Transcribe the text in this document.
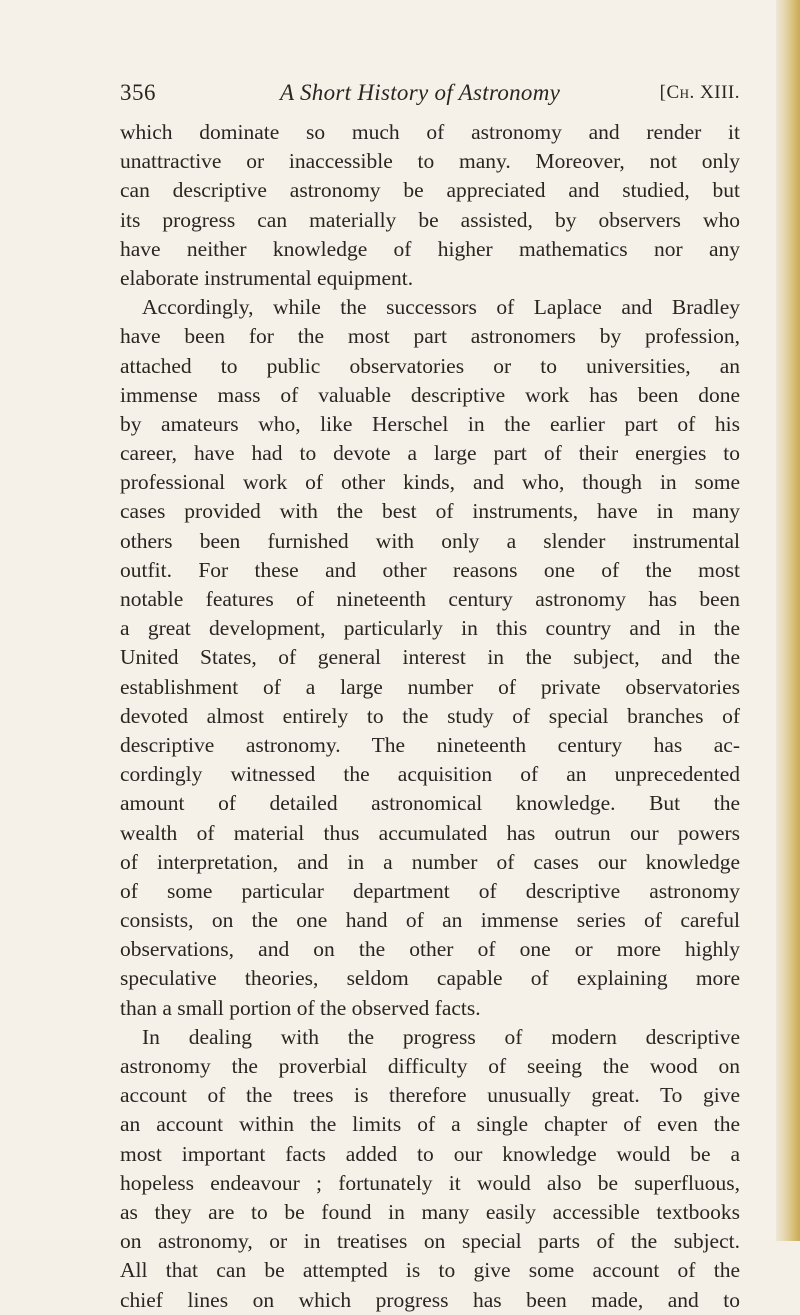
356	A Short History of Astronomy	[Ch. XIII.
which dominate so much of astronomy and render it
unattractive or inaccessible to many. Moreover, not only
can descriptive astronomy be appreciated and studied, but
its progress can materially be assisted, by observers who
have neither knowledge of higher mathematics nor any
elaborate instrumental equipment.
Accordingly, while the successors of Laplace and Bradley
have been for the most part astronomers by profession,
attached to public observatories or to universities, an
immense mass of valuable descriptive work has been done
by amateurs who, like Herschel in the earlier part of his
career, have had to devote a large part of their energies to
professional work of other kinds, and who, though in some
cases provided with the best of instruments, have in many
others been furnished with only a slender instrumental
outfit. For these and other reasons one of the most
notable features of nineteenth century astronomy has been
a great development, particularly in this country and in the
United States, of general interest in the subject, and the
establishment of a large number of private observatories
devoted almost entirely to the study of special branches of
descriptive astronomy. The nineteenth century has ac-
cordingly witnessed the acquisition of an unprecedented
amount of detailed astronomical knowledge. But the
wealth of material thus accumulated has outrun our powers
of interpretation, and in a number of cases our knowledge
of some particular department of descriptive astronomy
consists, on the one hand of an immense series of careful
observations, and on the other of one or more highly
speculative theories, seldom capable of explaining more
than a small portion of the observed facts.
In dealing with the progress of modern descriptive
astronomy the proverbial difficulty of seeing the wood on
account of the trees is therefore unusually great. To give
an account within the limits of a single chapter of even the
most important facts added to our knowledge would be a
hopeless endeavour ; fortunately it would also be superfluous,
as they are to be found in many easily accessible textbooks
on astronomy, or in treatises on special parts of the subject.
All that can be attempted is to give some account of the
chief lines on which progress has been made, and to
